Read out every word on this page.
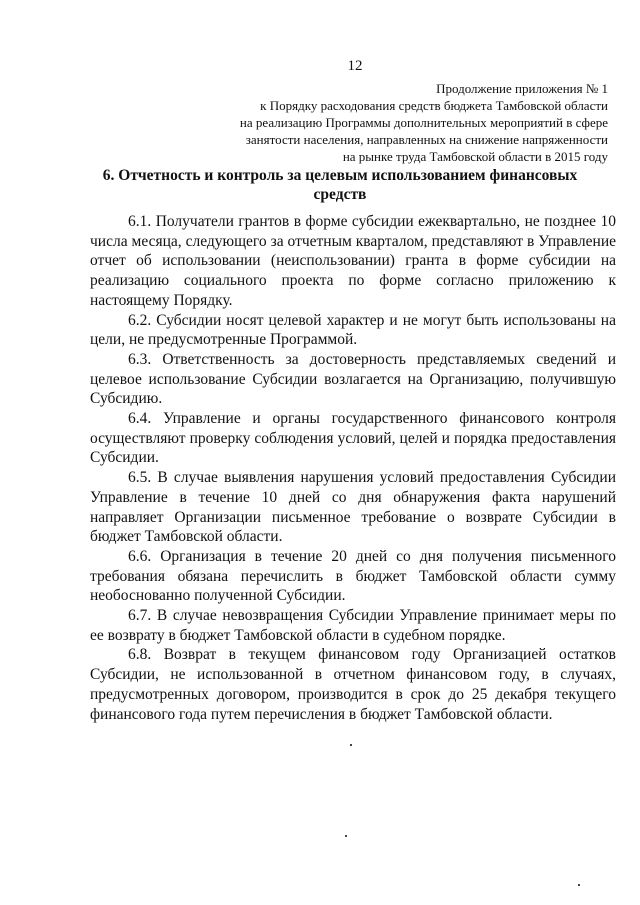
12
Продолжение приложения № 1
к Порядку расходования средств бюджета Тамбовской области
на реализацию Программы дополнительных мероприятий в сфере
занятости населения, направленных на снижение напряженности
на рынке труда Тамбовской области в 2015 году
6. Отчетность и контроль за целевым использованием финансовых средств

6.1. Получатели грантов в форме субсидии ежеквартально, не позднее 10 числа месяца, следующего за отчетным кварталом, представляют в Управление отчет об использовании (неиспользовании) гранта в форме субсидии на реализацию социального проекта по форме согласно приложению к настоящему Порядку.

6.2. Субсидии носят целевой характер и не могут быть использованы на цели, не предусмотренные Программой.

6.3. Ответственность за достоверность представляемых сведений и целевое использование Субсидии возлагается на Организацию, получившую Субсидию.

6.4. Управление и органы государственного финансового контроля осуществляют проверку соблюдения условий, целей и порядка предоставления Субсидии.

6.5. В случае выявления нарушения условий предоставления Субсидии Управление в течение 10 дней со дня обнаружения факта нарушений направляет Организации письменное требование о возврате Субсидии в бюджет Тамбовской области.

6.6. Организация в течение 20 дней со дня получения письменного требования обязана перечислить в бюджет Тамбовской области сумму необоснованно полученной Субсидии.

6.7. В случае невозвращения Субсидии Управление принимает меры по ее возврату в бюджет Тамбовской области в судебном порядке.

6.8. Возврат в текущем финансовом году Организацией остатков Субсидии, не использованной в отчетном финансовом году, в случаях, предусмотренных договором, производится в срок до 25 декабря текущего финансового года путем перечисления в бюджет Тамбовской области.
